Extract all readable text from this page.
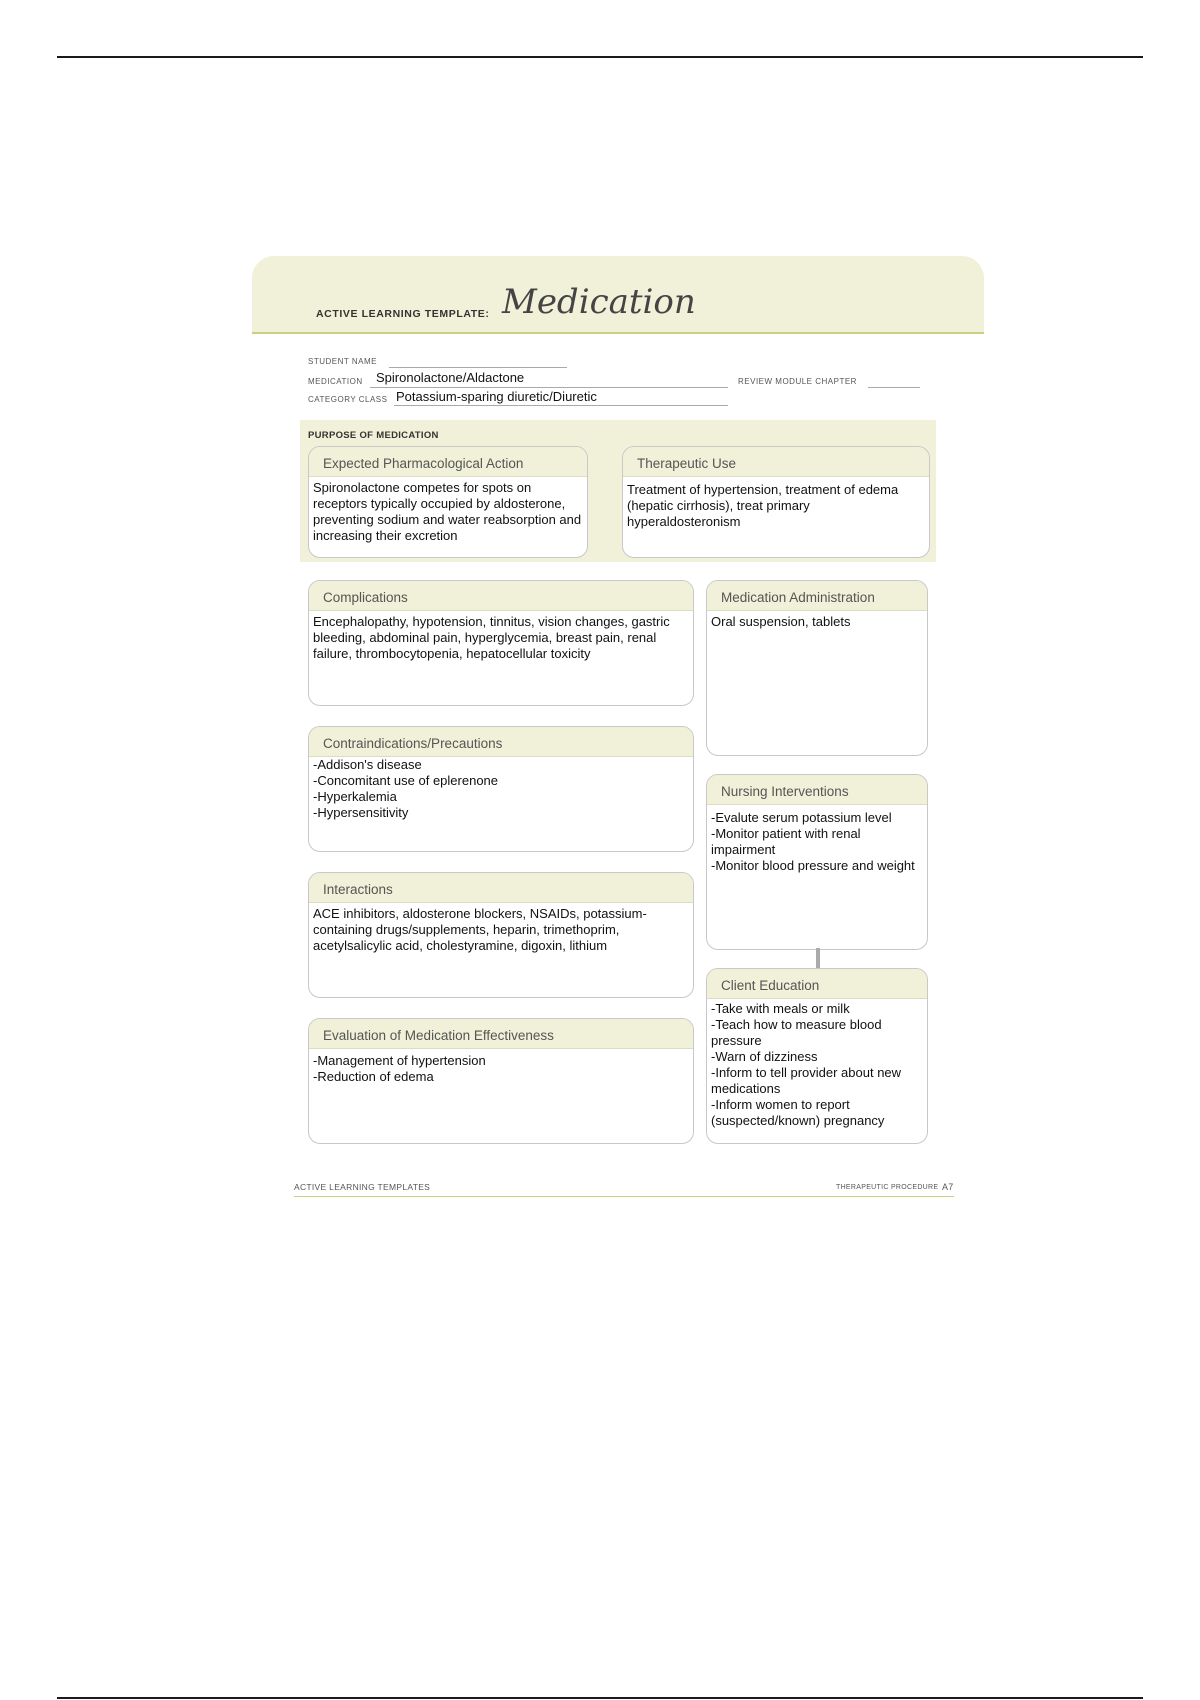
ACTIVE LEARNING TEMPLATE: Medication
STUDENT NAME
MEDICATION Spironolactone/Aldactone	REVIEW MODULE CHAPTER
CATEGORY CLASS Potassium-sparing diuretic/Diuretic
PURPOSE OF MEDICATION
Expected Pharmacological Action
Spironolactone competes for spots on receptors typically occupied by aldosterone, preventing sodium and water reabsorption and increasing their excretion
Therapeutic Use
Treatment of hypertension, treatment of edema (hepatic cirrhosis), treat primary hyperaldosteronism
Complications
Encephalopathy, hypotension, tinnitus, vision changes, gastric bleeding, abdominal pain, hyperglycemia, breast pain, renal failure, thrombocytopenia, hepatocellular toxicity
Contraindications/Precautions
-Addison's disease
-Concomitant use of eplerenone
-Hyperkalemia
-Hypersensitivity
Interactions
ACE inhibitors, aldosterone blockers, NSAIDs, potassium-containing drugs/supplements, heparin, trimethoprim, acetylsalicylic acid, cholestyramine, digoxin, lithium
Evaluation of Medication Effectiveness
-Management of hypertension
-Reduction of edema
Medication Administration
Oral suspension, tablets
Nursing Interventions
-Evalute serum potassium level
-Monitor patient with renal impairment
-Monitor blood pressure and weight
Client Education
-Take with meals or milk
-Teach how to measure blood pressure
-Warn of dizziness
-Inform to tell provider about new medications
-Inform women to report (suspected/known) pregnancy
ACTIVE LEARNING TEMPLATES	THERAPEUTIC PROCEDURE A7
